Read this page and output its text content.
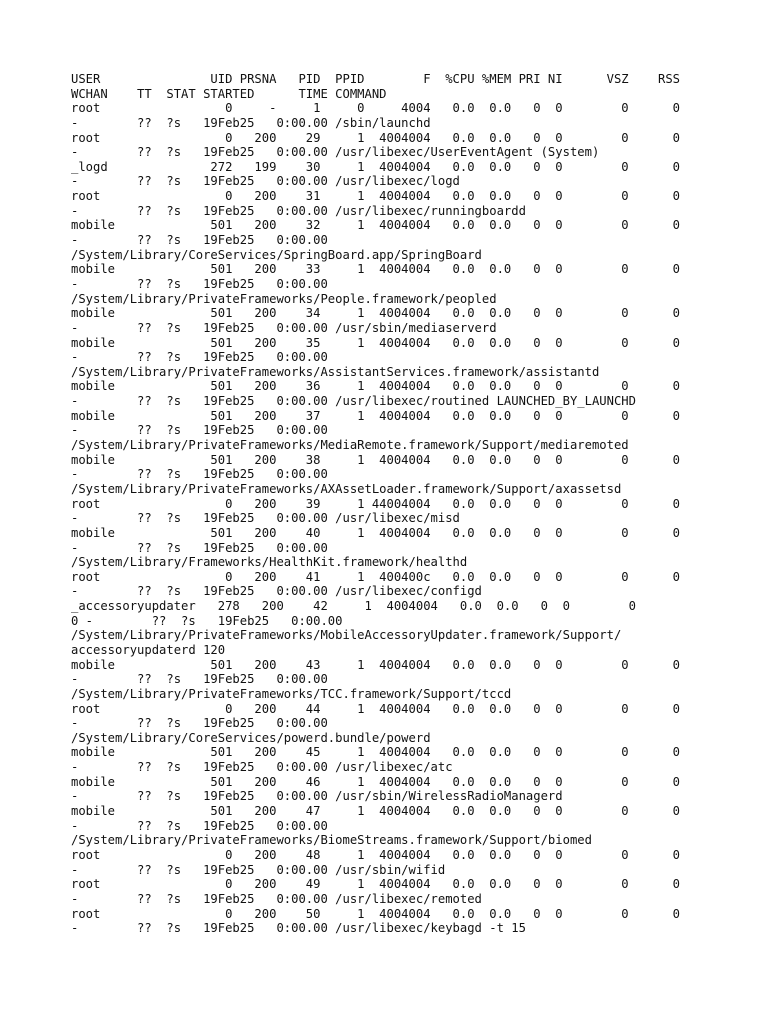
USER               UID PRSNA   PID  PPID        F  %CPU %MEM PRI NI      VSZ    RSS
WCHAN    TT  STAT STARTED      TIME COMMAND
root                 0     -     1     0     4004   0.0  0.0   0  0        0      0
-        ??  ?s   19Feb25   0:00.00 /sbin/launchd
root                 0   200    29     1  4004004   0.0  0.0   0  0        0      0
-        ??  ?s   19Feb25   0:00.00 /usr/libexec/UserEventAgent (System)
_logd              272   199    30     1  4004004   0.0  0.0   0  0        0      0
-        ??  ?s   19Feb25   0:00.00 /usr/libexec/logd
root                 0   200    31     1  4004004   0.0  0.0   0  0        0      0
-        ??  ?s   19Feb25   0:00.00 /usr/libexec/runningboardd
mobile             501   200    32     1  4004004   0.0  0.0   0  0        0      0
-        ??  ?s   19Feb25   0:00.00
/System/Library/CoreServices/SpringBoard.app/SpringBoard
mobile             501   200    33     1  4004004   0.0  0.0   0  0        0      0
-        ??  ?s   19Feb25   0:00.00
/System/Library/PrivateFrameworks/People.framework/peopled
mobile             501   200    34     1  4004004   0.0  0.0   0  0        0      0
-        ??  ?s   19Feb25   0:00.00 /usr/sbin/mediaserverd
mobile             501   200    35     1  4004004   0.0  0.0   0  0        0      0
-        ??  ?s   19Feb25   0:00.00
/System/Library/PrivateFrameworks/AssistantServices.framework/assistantd
mobile             501   200    36     1  4004004   0.0  0.0   0  0        0      0
-        ??  ?s   19Feb25   0:00.00 /usr/libexec/routined LAUNCHED_BY_LAUNCHD
mobile             501   200    37     1  4004004   0.0  0.0   0  0        0      0
-        ??  ?s   19Feb25   0:00.00
/System/Library/PrivateFrameworks/MediaRemote.framework/Support/mediaremoted
mobile             501   200    38     1  4004004   0.0  0.0   0  0        0      0
-        ??  ?s   19Feb25   0:00.00
/System/Library/PrivateFrameworks/AXAssetLoader.framework/Support/axassetsd
root                 0   200    39     1 44004004   0.0  0.0   0  0        0      0
-        ??  ?s   19Feb25   0:00.00 /usr/libexec/misd
mobile             501   200    40     1  4004004   0.0  0.0   0  0        0      0
-        ??  ?s   19Feb25   0:00.00
/System/Library/Frameworks/HealthKit.framework/healthd
root                 0   200    41     1  400400c   0.0  0.0   0  0        0      0
-        ??  ?s   19Feb25   0:00.00 /usr/libexec/configd
_accessoryupdater   278   200    42     1  4004004   0.0  0.0   0  0        0
0 -        ??  ?s   19Feb25   0:00.00
/System/Library/PrivateFrameworks/MobileAccessoryUpdater.framework/Support/
accessoryupdaterd 120
mobile             501   200    43     1  4004004   0.0  0.0   0  0        0      0
-        ??  ?s   19Feb25   0:00.00
/System/Library/PrivateFrameworks/TCC.framework/Support/tccd
root                 0   200    44     1  4004004   0.0  0.0   0  0        0      0
-        ??  ?s   19Feb25   0:00.00
/System/Library/CoreServices/powerd.bundle/powerd
mobile             501   200    45     1  4004004   0.0  0.0   0  0        0      0
-        ??  ?s   19Feb25   0:00.00 /usr/libexec/atc
mobile             501   200    46     1  4004004   0.0  0.0   0  0        0      0
-        ??  ?s   19Feb25   0:00.00 /usr/sbin/WirelessRadioManagerd
mobile             501   200    47     1  4004004   0.0  0.0   0  0        0      0
-        ??  ?s   19Feb25   0:00.00
/System/Library/PrivateFrameworks/BiomeStreams.framework/Support/biomed
root                 0   200    48     1  4004004   0.0  0.0   0  0        0      0
-        ??  ?s   19Feb25   0:00.00 /usr/sbin/wifid
root                 0   200    49     1  4004004   0.0  0.0   0  0        0      0
-        ??  ?s   19Feb25   0:00.00 /usr/libexec/remoted
root                 0   200    50     1  4004004   0.0  0.0   0  0        0      0
-        ??  ?s   19Feb25   0:00.00 /usr/libexec/keybagd -t 15
